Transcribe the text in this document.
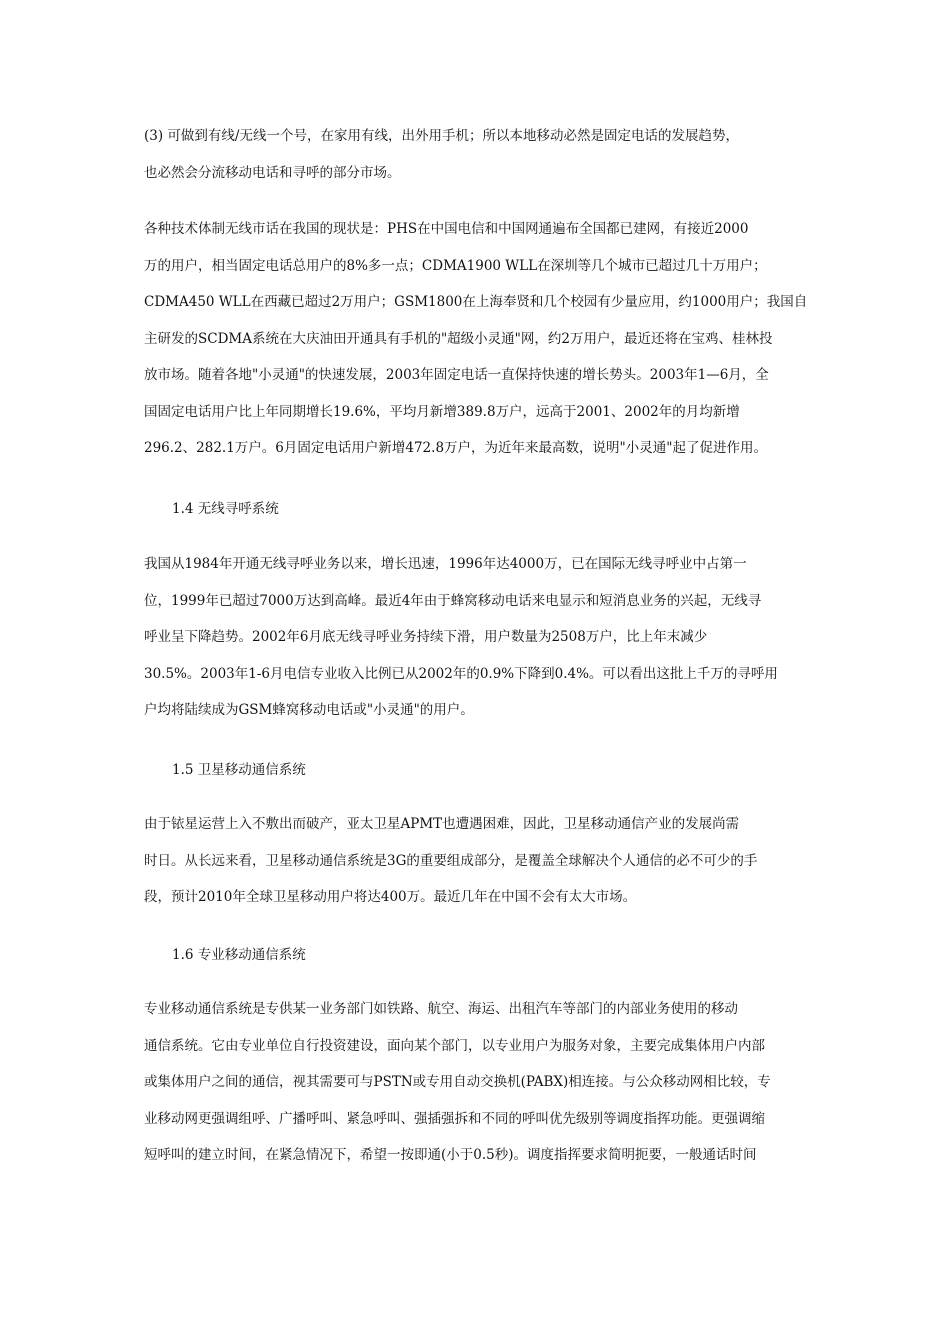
(3) 可做到有线/无线一个号，在家用有线，出外用手机；所以本地移动必然是固定电话的发展趋势，
也必然会分流移动电话和寻呼的部分市场。
各种技术体制无线市话在我国的现状是：PHS在中国电信和中国网通遍布全国都已建网，有接近2000
万的用户，相当固定电话总用户的8%多一点；CDMA1900 WLL在深圳等几个城市已超过几十万用户；
CDMA450 WLL在西藏已超过2万用户；GSM1800在上海奉贤和几个校园有少量应用，约1000用户；我国自
主研发的SCDMA系统在大庆油田开通具有手机的"超级小灵通"网，约2万用户，最近还将在宝鸡、桂林投
放市场。随着各地"小灵通"的快速发展，2003年固定电话一直保持快速的增长势头。2003年1—6月，全
国固定电话用户比上年同期增长19.6%，平均月新增389.8万户，远高于2001、2002年的月均新增
296.2、282.1万户。6月固定电话用户新增472.8万户，为近年来最高数，说明"小灵通"起了促进作用。
1.4 无线寻呼系统
我国从1984年开通无线寻呼业务以来，增长迅速，1996年达4000万，已在国际无线寻呼业中占第一
位，1999年已超过7000万达到高峰。最近4年由于蜂窝移动电话来电显示和短消息业务的兴起，无线寻
呼业呈下降趋势。2002年6月底无线寻呼业务持续下滑，用户数量为2508万户，比上年末减少
30.5%。2003年1-6月电信专业收入比例已从2002年的0.9%下降到0.4%。可以看出这批上千万的寻呼用
户均将陆续成为GSM蜂窝移动电话或"小灵通"的用户。
1.5 卫星移动通信系统
由于铱星运营上入不敷出而破产，亚太卫星APMT也遭遇困难，因此，卫星移动通信产业的发展尚需
时日。从长远来看，卫星移动通信系统是3G的重要组成部分，是覆盖全球解决个人通信的必不可少的手
段，预计2010年全球卫星移动用户将达400万。最近几年在中国不会有太大市场。
1.6 专业移动通信系统
专业移动通信系统是专供某一业务部门如铁路、航空、海运、出租汽车等部门的内部业务使用的移动
通信系统。它由专业单位自行投资建设，面向某个部门，以专业用户为服务对象，主要完成集体用户内部
或集体用户之间的通信，视其需要可与PSTN或专用自动交换机(PABX)相连接。与公众移动网相比较，专
业移动网更强调组呼、广播呼叫、紧急呼叫、强插强拆和不同的呼叫优先级别等调度指挥功能。更强调缩
短呼叫的建立时间，在紧急情况下，希望一按即通(小于0.5秒)。调度指挥要求简明扼要，一般通话时间
